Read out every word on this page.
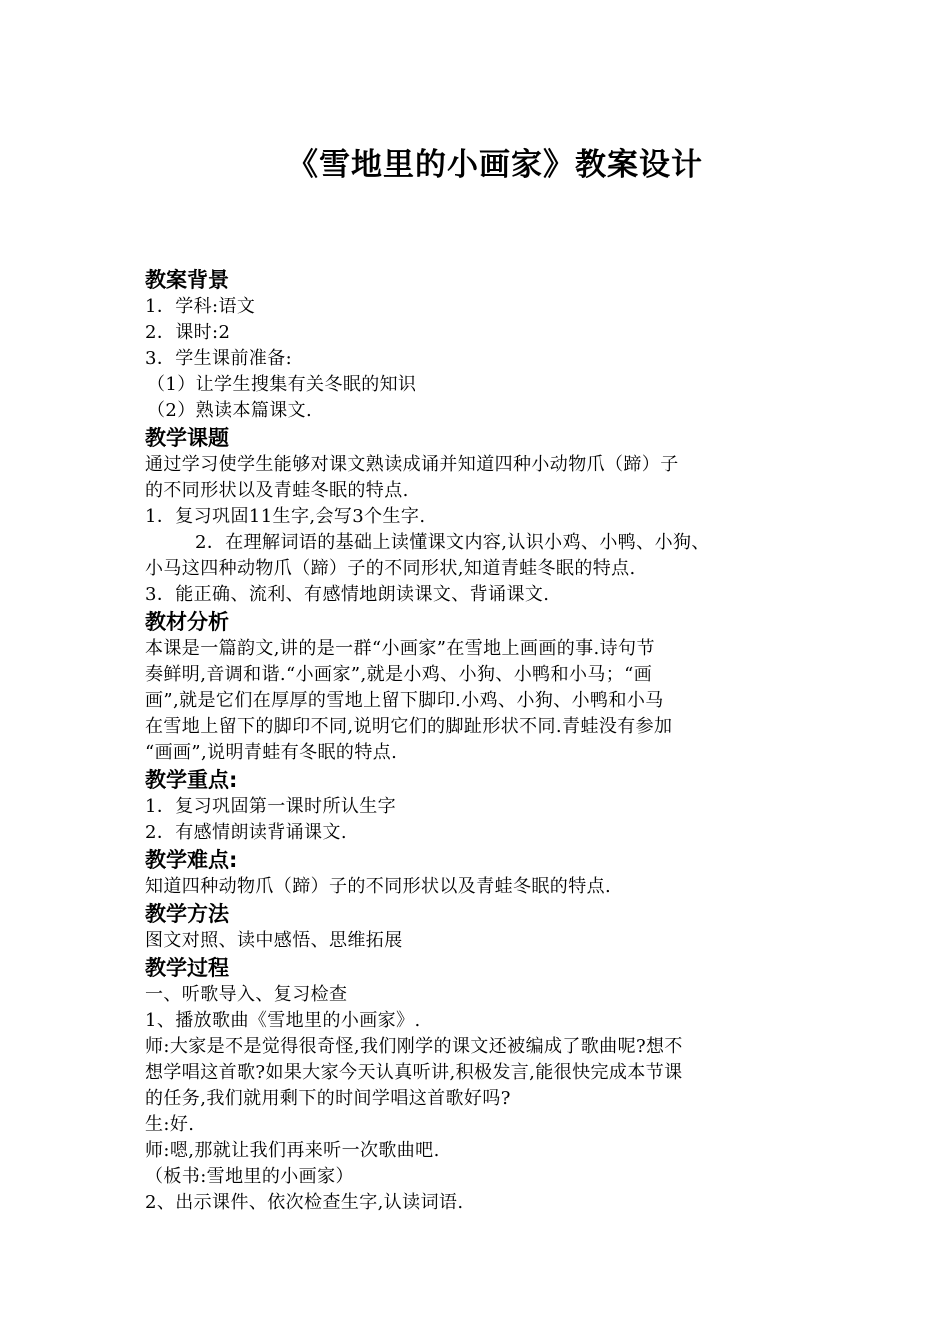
《雪地里的小画家》教案设计
教案背景
1．学科:语文
2．课时:2
3．学生课前准备:
（1）让学生搜集有关冬眠的知识
（2）熟读本篇课文.
教学课题
通过学习使学生能够对课文熟读成诵并知道四种小动物爪（蹄）子
的不同形状以及青蛙冬眠的特点.
1．复习巩固11生字,会写3个生字.
2．在理解词语的基础上读懂课文内容,认识小鸡、小鸭、小狗、
小马这四种动物爪（蹄）子的不同形状,知道青蛙冬眠的特点.
3．能正确、流利、有感情地朗读课文、背诵课文.
教材分析
本课是一篇韵文,讲的是一群“小画家”在雪地上画画的事.诗句节
奏鲜明,音调和谐.“小画家”,就是小鸡、小狗、小鸭和小马；“画
画”,就是它们在厚厚的雪地上留下脚印.小鸡、小狗、小鸭和小马
在雪地上留下的脚印不同,说明它们的脚趾形状不同.青蛙没有参加
“画画”,说明青蛙有冬眠的特点.
教学重点:
1．复习巩固第一课时所认生字
2．有感情朗读背诵课文.
教学难点:
知道四种动物爪（蹄）子的不同形状以及青蛙冬眠的特点.
教学方法
图文对照、读中感悟、思维拓展
教学过程
一、听歌导入、复习检查
1、播放歌曲《雪地里的小画家》.
师:大家是不是觉得很奇怪,我们刚学的课文还被编成了歌曲呢?想不
想学唱这首歌?如果大家今天认真听讲,积极发言,能很快完成本节课
的任务,我们就用剩下的时间学唱这首歌好吗?
生:好.
师:嗯,那就让我们再来听一次歌曲吧.
（板书:雪地里的小画家）
2、出示课件、依次检查生字,认读词语.
